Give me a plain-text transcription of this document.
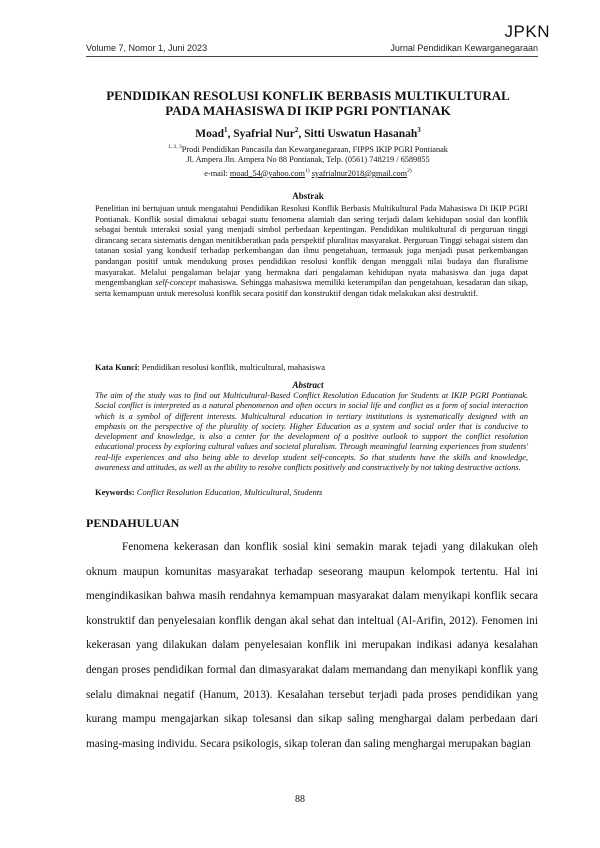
JPKN
Volume 7, Nomor 1, Juni 2023	Jurnal Pendidikan Kewarganegaraan
PENDIDIKAN RESOLUSI KONFLIK BERBASIS MULTIKULTURAL
PADA MAHASISWA DI IKIP PGRI PONTIANAK
Moad$^1$, Syafrial Nur$^2$, Sitti Uswatun Hasanah$^3$
$^{1, 2, 3}$Prodi Pendidikan Pancasila dan Kewarganegaraan, FIPPS IKIP PGRI Pontianak
Jl. Ampera Jln. Ampera No 88 Pontianak, Telp. (0561) 748219 / 6589855
e-mail: moad_54@yahoo.com$^{1)}$ syafrialnur2018@gmail.com$^{2)}$
Abstrak
Penelitian ini bertujuan untuk mengatahui Pendidikan Resolusi Konflik Berbasis Multikultural Pada Mahasiswa Di IKIP PGRI Pontianak. Konflik sosial dimaknai sebagai suatu fenomena alamiah dan sering terjadi dalam kehidupan sosial dan konflik sebagai bentuk interaksi sosial yang menjadi simbol perbedaan kepentingan. Pendidikan multikultural di perguruan tinggi dirancang secara sistematis dengan menitikberatkan pada perspektif pluralitas masyarakat. Perguruan Tinggi sebagai sistem dan tatanan sosial yang kondusif terhadap perkembangan dan ilmu pengetahuan, termasuk juga menjadi pusat perkembangan pandangan positif untuk mendukung proses pendidikan resolusi konflik dengan menggali nilai budaya dan fluralisme masyarakat. Melalui pengalaman belajar yang bermakna dari pengalaman kehidupan nyata mahasiswa dan juga dapat mengembangkan self-concept mahasiswa. Sehingga mahasiswa memiliki keterampilan dan pengetahuan, kesadaran dan sikap, serta kemampuan untuk meresolusi konflik secara positif dan konstruktif dengan tidak melakukan aksi destruktif.
Kata Kunci: Pendidikan resolusi konflik, multicultural, mahasiswa
Abstract
The aim of the study was to find out Multicultural-Based Conflict Resolution Education for Students at IKIP PGRI Pontianak. Social conflict is interpreted as a natural phenomenon and often occurs in social life and conflict as a form of social interaction which is a symbol of different interests. Multicultural education in tertiary institutions is systematically designed with an emphasis on the perspective of the plurality of society. Higher Education as a system and social order that is conducive to development and knowledge, is also a center for the development of a positive outlook to support the conflict resolution educational process by exploring cultural values and societal pluralism. Through meaningful learning experiences from students' real-life experiences and also being able to develop student self-concepts. So that students have the skills and knowledge, awareness and attitudes, as well as the ability to resolve conflicts positively and constructively by not taking destructive actions.
Keywords: Conflict Resolution Education, Multicultural, Students
PENDAHULUAN
Fenomena kekerasan dan konflik sosial kini semakin marak tejadi yang dilakukan oleh oknum maupun komunitas masyarakat terhadap seseorang maupun kelompok tertentu. Hal ini mengindikasikan bahwa masih rendahnya kemampuan masyarakat dalam menyikapi konflik secara konstruktif dan penyelesaian konflik dengan akal sehat dan inteltual (Al-Arifin, 2012). Fenomen ini kekerasan yang dilakukan dalam penyelesaian konflik ini merupakan indikasi adanya kesalahan dengan proses pendidikan formal dan dimasyarakat dalam memandang dan menyikapi konflik yang selalu dimaknai negatif (Hanum, 2013). Kesalahan tersebut terjadi pada proses pendidikan yang kurang mampu mengajarkan sikap tolesansi dan sikap saling menghargai dalam perbedaan dari masing-masing individu. Secara psikologis, sikap toleran dan saling menghargai merupakan bagian
88
